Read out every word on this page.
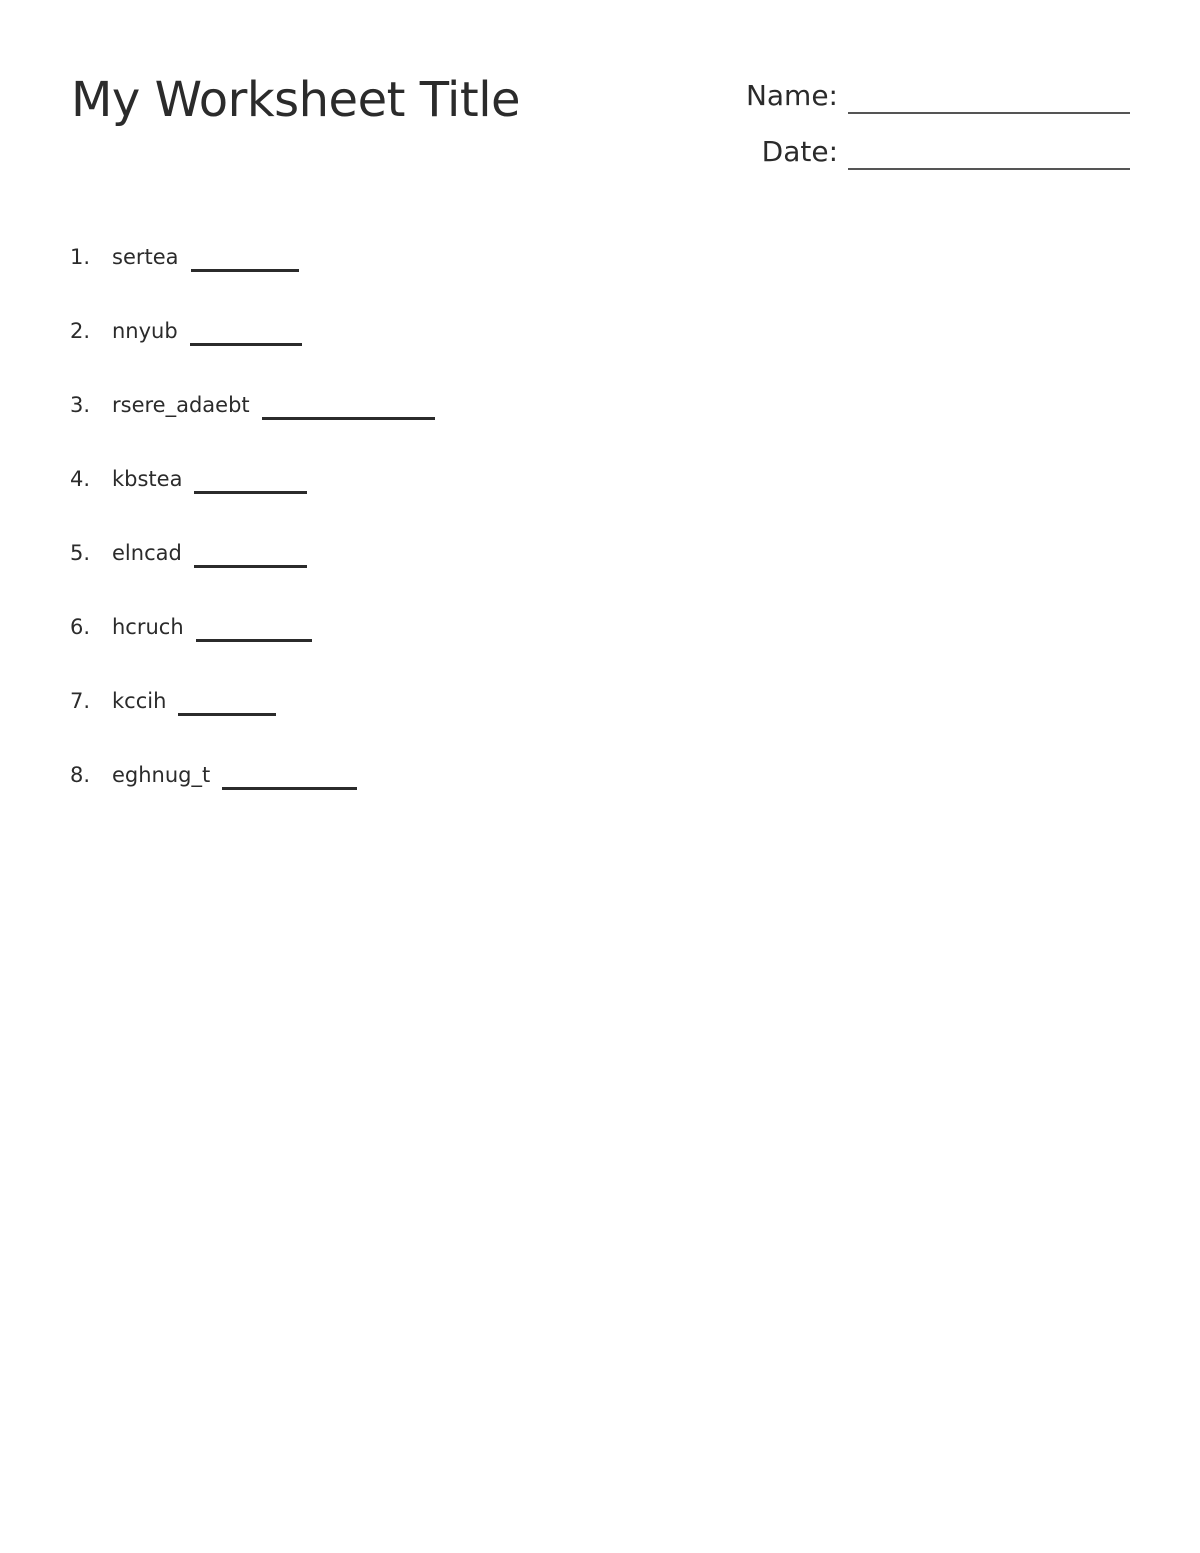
My Worksheet Title	Name:
Date:
1.	sertea
2.	nnyub
3.	rsere_adaebt
4.	kbstea
5.	elncad
6.	hcruch
7.	kccih
8.	eghnug_t
